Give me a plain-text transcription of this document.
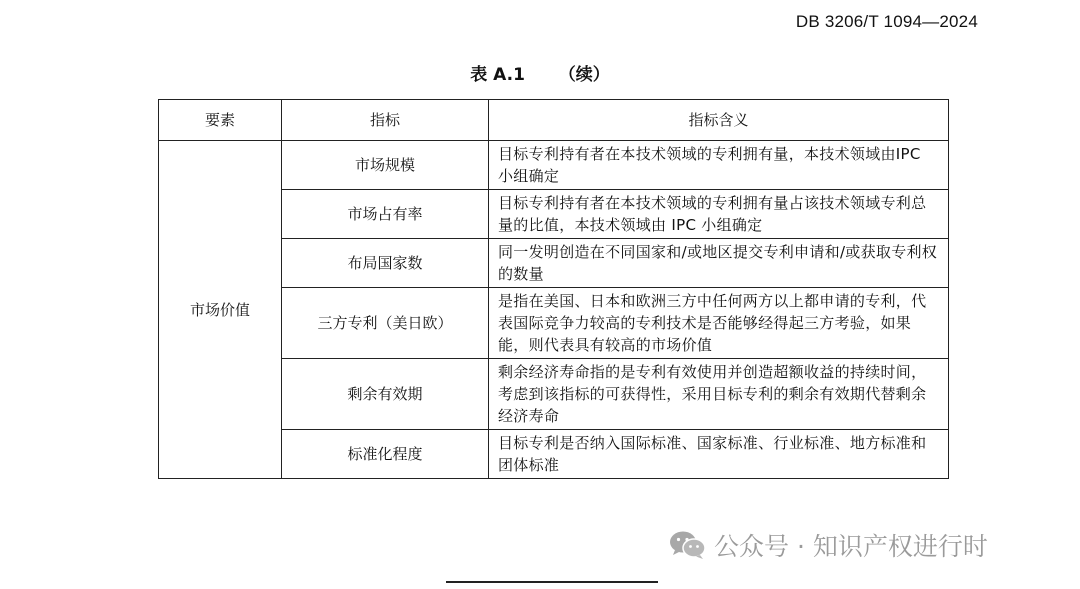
DB 3206/T 1094—2024
表 A.1 （续）
要素	指标	指标含义
市场价值	市场规模	目标专利持有者在本技术领域的专利拥有量，本技术领域由IPC 小组确定
	市场占有率	目标专利持有者在本技术领域的专利拥有量占该技术领域专利总量的比值，本技术领域由 IPC 小组确定
	布局国家数	同一发明创造在不同国家和/或地区提交专利申请和/或获取专利权的数量
	三方专利（美日欧）	是指在美国、日本和欧洲三方中任何两方以上都申请的专利，代表国际竞争力较高的专利技术是否能够经得起三方考验，如果能，则代表具有较高的市场价值
	剩余有效期	剩余经济寿命指的是专利有效使用并创造超额收益的持续时间，考虑到该指标的可获得性，采用目标专利的剩余有效期代替剩余经济寿命
	标准化程度	目标专利是否纳入国际标准、国家标准、行业标准、地方标准和团体标准
公众号 · 知识产权进行时
